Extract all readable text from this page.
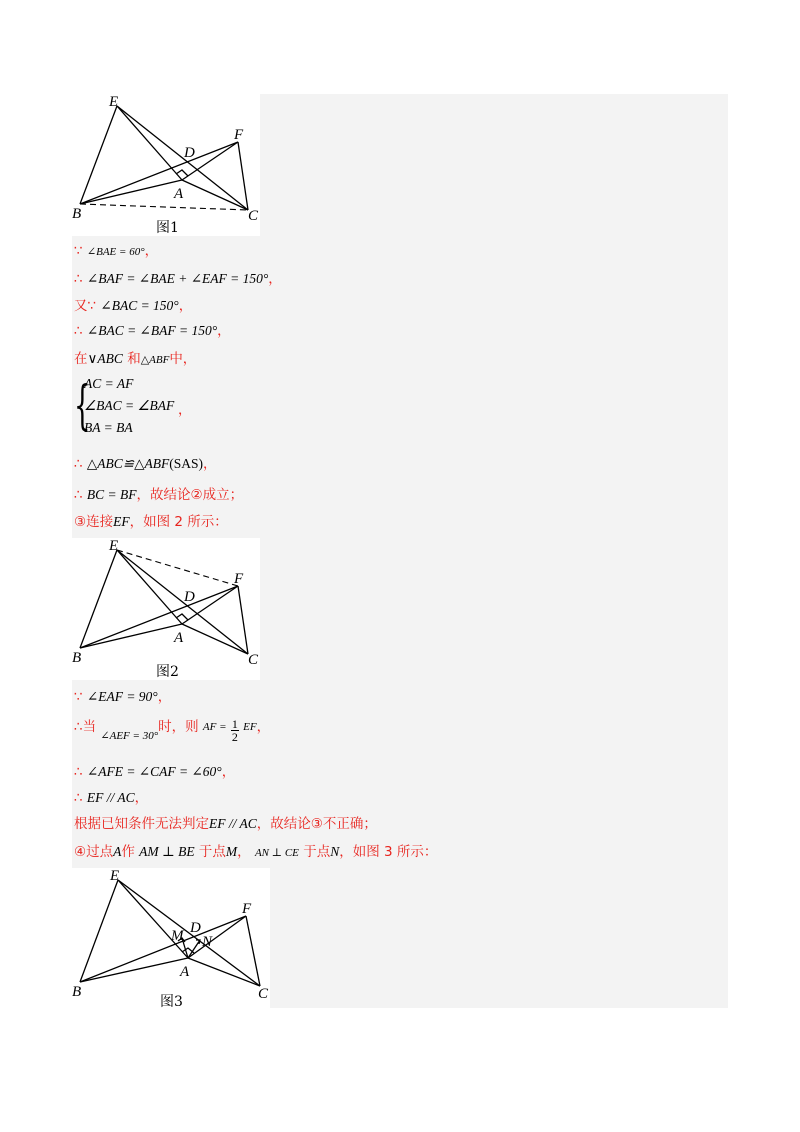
E
F
D
A
B	C
图1
∵ ∠BAE = 60°，
∴ ∠BAF = ∠BAE + ∠EAF = 150°，
又∵ ∠BAC = 150°，
∴ ∠BAC = ∠BAF = 150°，
在∨ABC 和△ABF中，
{
AC = AF
∠BAC = ∠BAF
BA = BA
，
∴ △ABC≌△ABF(SAS)，
∴ BC = BF，故结论②成立；
③连接EF，如图 2 所示：
E
F
D
A
B	C
图2
∵ ∠EAF = 90°，
∴当 $_{\angle AEF = 30^\circ}$时，则 $^{AF =} \frac{1}{2} ^{EF}$，
∴ ∠AFE = ∠CAF = ∠60°，
∴ EF // AC，
根据已知条件无法判定EF // AC，故结论③不正确；
④过点A作 AM ⊥ BE 于点M， AN ⊥ CE 于点N，如图 3 所示：
E
F
D
M N
A
B	C
图3
